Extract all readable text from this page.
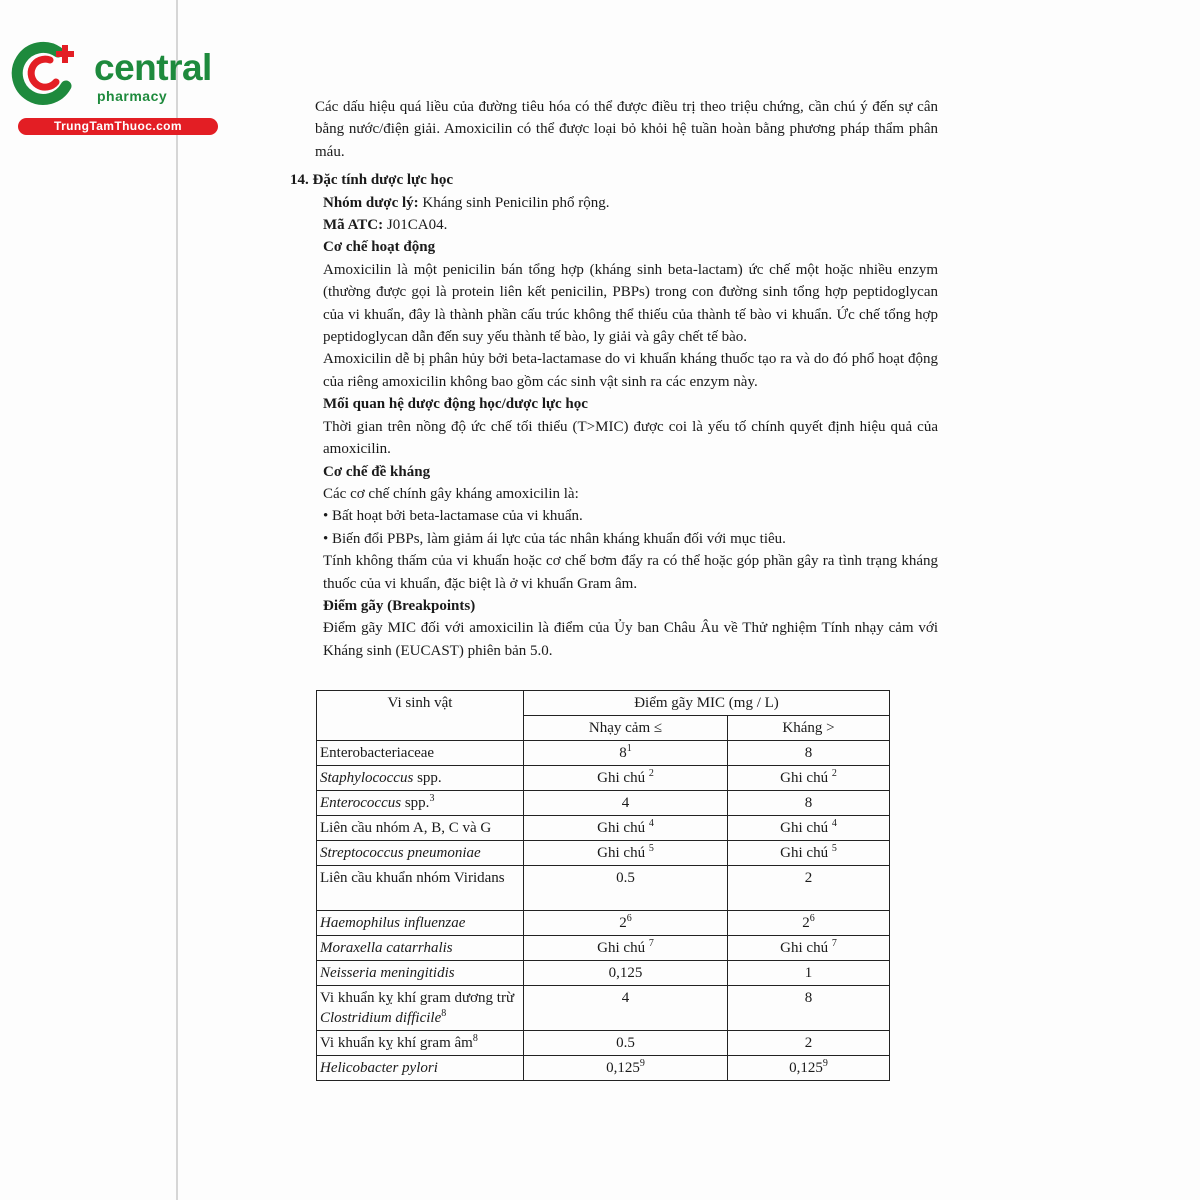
central
pharmacy
TrungTamThuoc.com

Các dấu hiệu quá liều của đường tiêu hóa có thể được điều trị theo triệu chứng, cần chú ý đến sự cân bằng nước/điện giải. Amoxicilin có thể được loại bỏ khỏi hệ tuần hoàn bằng phương pháp thẩm phân máu.

14. Đặc tính dược lực học

Nhóm dược lý: Kháng sinh Penicilin phổ rộng.

Mã ATC: J01CA04.

Cơ chế hoạt động

Amoxicilin là một penicilin bán tổng hợp (kháng sinh beta-lactam) ức chế một hoặc nhiều enzym (thường được gọi là protein liên kết penicilin, PBPs) trong con đường sinh tổng hợp peptidoglycan của vi khuẩn, đây là thành phần cấu trúc không thể thiếu của thành tế bào vi khuẩn. Ức chế tổng hợp peptidoglycan dẫn đến suy yếu thành tế bào, ly giải và gây chết tế bào.

Amoxicilin dễ bị phân hủy bởi beta-lactamase do vi khuẩn kháng thuốc tạo ra và do đó phổ hoạt động của riêng amoxicilin không bao gồm các sinh vật sinh ra các enzym này.

Mối quan hệ dược động học/dược lực học

Thời gian trên nồng độ ức chế tối thiểu (T>MIC) được coi là yếu tố chính quyết định hiệu quả của amoxicilin.

Cơ chế đề kháng

Các cơ chế chính gây kháng amoxicilin là:

• Bất hoạt bởi beta-lactamase của vi khuẩn.

• Biến đổi PBPs, làm giảm ái lực của tác nhân kháng khuẩn đối với mục tiêu.

Tính không thấm của vi khuẩn hoặc cơ chế bơm đẩy ra có thể hoặc góp phần gây ra tình trạng kháng thuốc của vi khuẩn, đặc biệt là ở vi khuẩn Gram âm.

Điểm gãy (Breakpoints)

Điểm gãy MIC đối với amoxicilin là điểm của Ủy ban Châu Âu về Thử nghiệm Tính nhạy cảm với Kháng sinh (EUCAST) phiên bản 5.0.

Vi sinh vật	Điểm gãy MIC (mg / L)	
	Nhạy cảm ≤	Kháng >
Enterobacteriaceae	$8^1$	8
Staphylococcus spp.	Ghi chú $^2$	Ghi chú $^2$
Enterococcus spp.$^3$	4	8
Liên cầu nhóm A, B, C và G	Ghi chú $^4$	Ghi chú $^4$
Streptococcus pneumoniae	Ghi chú $^5$	Ghi chú $^5$
Liên cầu khuẩn nhóm Viridans	0.5	2
Haemophilus influenzae	$2^6$	$2^6$
Moraxella catarrhalis	Ghi chú $^7$	Ghi chú $^7$
Neisseria meningitidis	0,125	1
Vi khuẩn kỵ khí gram dương trừ Clostridium difficile$^8$	4	8
Vi khuẩn kỵ khí gram $âm^8$	0.5	2
Helicobacter pylori	0,125$^9$	0,125$^9$
